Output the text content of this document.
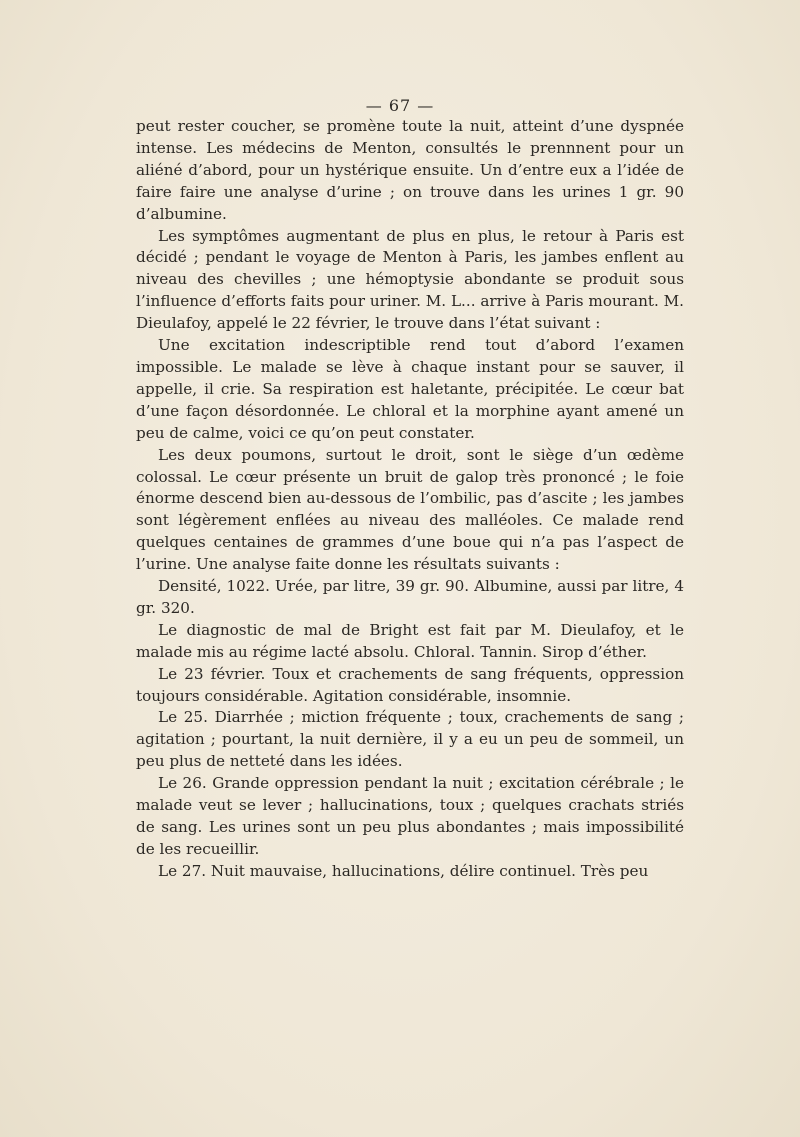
— 67 —

peut rester coucher, se promène toute la nuit, atteint d’une dyspnée intense. Les médecins de Menton, consultés le prennnent pour un aliéné d’abord, pour un hystérique ensuite. Un d’entre eux a l’idée de faire faire une analyse d’urine ; on trouve dans les urines 1 gr. 90 d’albumine.

Les symptômes augmentant de plus en plus, le retour à Paris est décidé ; pendant le voyage de Menton à Paris, les jambes enflent au niveau des chevilles ; une hémoptysie abondante se produit sous l’influence d’efforts faits pour uriner. M. L... arrive à Paris mourant. M. Dieulafoy, appelé le 22 février, le trouve dans l’état suivant :

Une excitation indescriptible rend tout d’abord l’examen impossible. Le malade se lève à chaque instant pour se sauver, il appelle, il crie. Sa respiration est haletante, précipitée. Le cœur bat d’une façon désordonnée. Le chloral et la morphine ayant amené un peu de calme, voici ce qu’on peut constater.

Les deux poumons, surtout le droit, sont le siège d’un œdème colossal. Le cœur présente un bruit de galop très prononcé ; le foie énorme descend bien au-dessous de l’ombilic, pas d’ascite ; les jambes sont légèrement enflées au niveau des malléoles. Ce malade rend quelques centaines de grammes d’une boue qui n’a pas l’aspect de l’urine. Une analyse faite donne les résultats suivants :

Densité, 1022. Urée, par litre, 39 gr. 90. Albumine, aussi par litre, 4 gr. 320.

Le diagnostic de mal de Bright est fait par M. Dieulafoy, et le malade mis au régime lacté absolu. Chloral. Tannin. Sirop d’éther.

Le 23 février. Toux et crachements de sang fréquents, oppression toujours considérable. Agitation considérable, insomnie.

Le 25. Diarrhée ; miction fréquente ; toux, crachements de sang ; agitation ; pourtant, la nuit dernière, il y a eu un peu de sommeil, un peu plus de netteté dans les idées.

Le 26. Grande oppression pendant la nuit ; excitation cérébrale ; le malade veut se lever ; hallucinations, toux ; quelques crachats striés de sang. Les urines sont un peu plus abondantes ; mais impossibilité de les recueillir.

Le 27. Nuit mauvaise, hallucinations, délire continuel. Très peu
